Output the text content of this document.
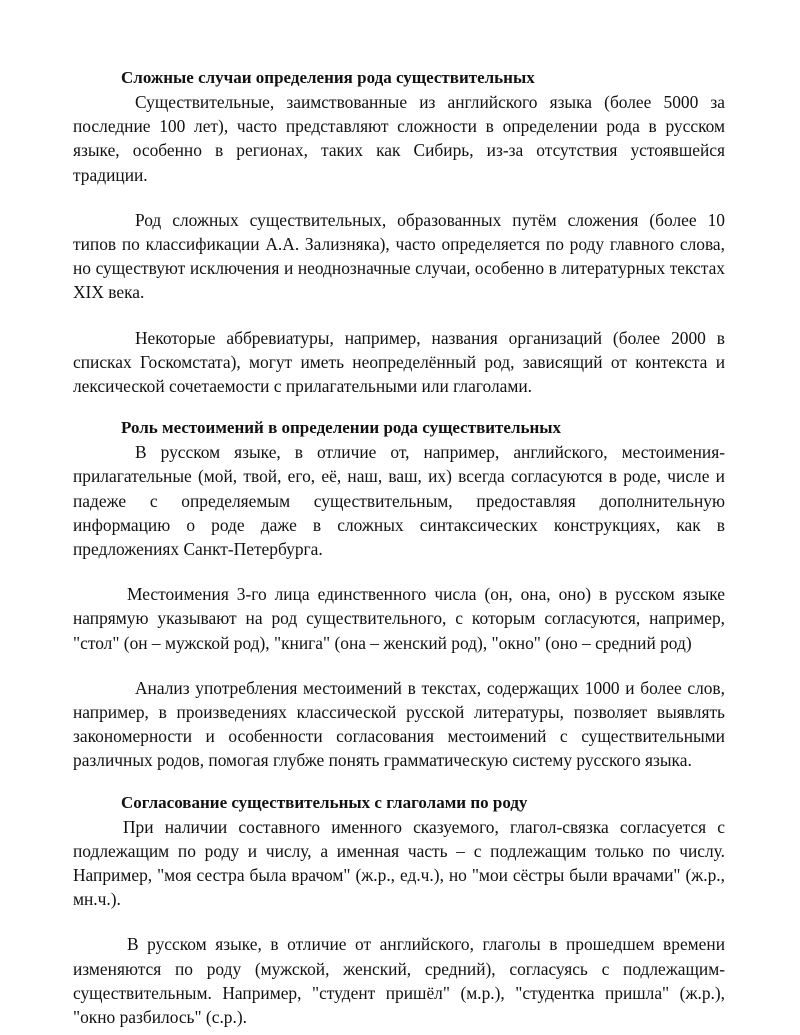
Сложные случаи определения рода существительных

Существительные, заимствованные из английского языка (более 5000 за последние 100 лет), часто представляют сложности в определении рода в русском языке, особенно в регионах, таких как Сибирь, из-за отсутствия устоявшейся традиции.

Род сложных существительных, образованных путём сложения (более 10 типов по классификации А.А. Зализняка), часто определяется по роду главного слова, но существуют исключения и неоднозначные случаи, особенно в литературных текстах XIX века.

Некоторые аббревиатуры, например, названия организаций (более 2000 в списках Госкомстата), могут иметь неопределённый род, зависящий от контекста и лексической сочетаемости с прилагательными или глаголами.

Роль местоимений в определении рода существительных

В русском языке, в отличие от, например, английского, местоимения-прилагательные (мой, твой, его, её, наш, ваш, их) всегда согласуются в роде, числе и падеже с определяемым существительным, предоставляя дополнительную информацию о роде даже в сложных синтаксических конструкциях, как в предложениях Санкт-Петербурга.

Местоимения 3-го лица единственного числа (он, она, оно) в русском языке напрямую указывают на род существительного, с которым согласуются, например, "стол" (он – мужской род), "книга" (она – женский род), "окно" (оно – средний род)

Анализ употребления местоимений в текстах, содержащих 1000 и более слов, например, в произведениях классической русской литературы, позволяет выявлять закономерности и особенности согласования местоимений с существительными различных родов, помогая глубже понять грамматическую систему русского языка.

Согласование существительных с глаголами по роду

При наличии составного именного сказуемого, глагол-связка согласуется с подлежащим по роду и числу, а именная часть – с подлежащим только по числу. Например, "моя сестра была врачом" (ж.р., ед.ч.), но "мои сёстры были врачами" (ж.р., мн.ч.).

В русском языке, в отличие от английского, глаголы в прошедшем времени изменяются по роду (мужской, женский, средний), согласуясь с подлежащим-существительным. Например, "студент пришёл" (м.р.), "студентка пришла" (ж.р.), "окно разбилось" (с.р.).
